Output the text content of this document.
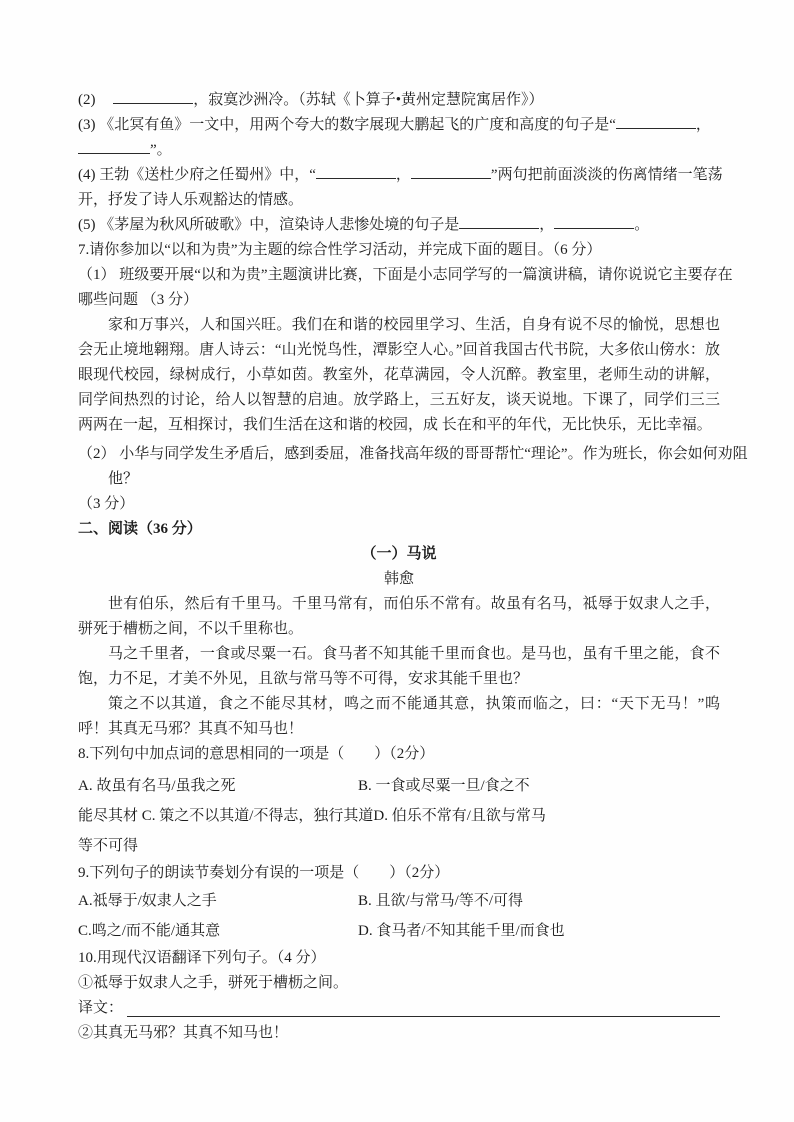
(2)	，寂寞沙洲冷。（苏轼《卜算子•黄州定慧院寓居作》）
(3) 《北冥有鱼》一文中，用两个夸大的数字展现大鹏起飞的广度和高度的句子是“	，
”。
(4) 王勃《送杜少府之任蜀州》中，“	，	”两句把前面淡淡的伤离情绪一笔荡
开，抒发了诗人乐观豁达的情感。
(5) 《茅屋为秋风所破歌》中，渲染诗人悲惨处境的句子是	，	。
7.请你参加以“以和为贵”为主题的综合性学习活动，并完成下面的题目。（6 分）
（1） 班级要开展“以和为贵”主题演讲比赛，下面是小志同学写的一篇演讲稿，请你说说它主要存在
哪些问题 （3 分）
家和万事兴，人和国兴旺。我们在和谐的校园里学习、生活，自身有说不尽的愉悦，思想也会无止境地翱翔。唐人诗云：“山光悦鸟性，潭影空人心。”回首我国古代书院，大多依山傍水：放眼现代校园，绿树成行，小草如茵。教室外，花草满园，令人沉醉。教室里，老师生动的讲解，同学间热烈的讨论，给人以智慧的启迪。放学路上，三五好友，谈天说地。下课了，同学们三三两两在一起，互相探讨，我们生活在这和谐的校园，成 长在和平的年代，无比快乐，无比幸福。
（2） 小华与同学发生矛盾后，感到委屈，准备找高年级的哥哥帮忙“理论”。作为班长，你会如何劝阻
他？
（3 分）
二、阅读（36 分）
（一）马说
韩愈
世有伯乐，然后有千里马。千里马常有，而伯乐不常有。故虽有名马，祗辱于奴隶人之手，骈死于槽枥之间，不以千里称也。
马之千里者，一食或尽粟一石。食马者不知其能千里而食也。是马也，虽有千里之能，食不饱，力不足，才美不外见，且欲与常马等不可得，安求其能千里也？
策之不以其道，食之不能尽其材，鸣之而不能通其意，执策而临之，曰：“天下无马！”呜呼！其真无马邪？其真不知马也！
8.下列句中加点词的意思相同的一项是（　　）（2分）
A. 故虽有名马/虽我之死	B. 一食或尽粟一旦/食之不
能尽其材 C. 策之不以其道/不得志，独行其道D. 伯乐不常有/且欲与常马
等不可得
9.下列句子的朗读节奏划分有误的一项是（　　）（2分）
A.祗辱于/奴隶人之手	B. 且欲/与常马/等不/可得
C.鸣之/而不能/通其意	D. 食马者/不知其能千里/而食也
10.用现代汉语翻译下列句子。（4 分）
①祗辱于奴隶人之手，骈死于槽枥之间。
译文：
②其真无马邪？其真不知马也！
